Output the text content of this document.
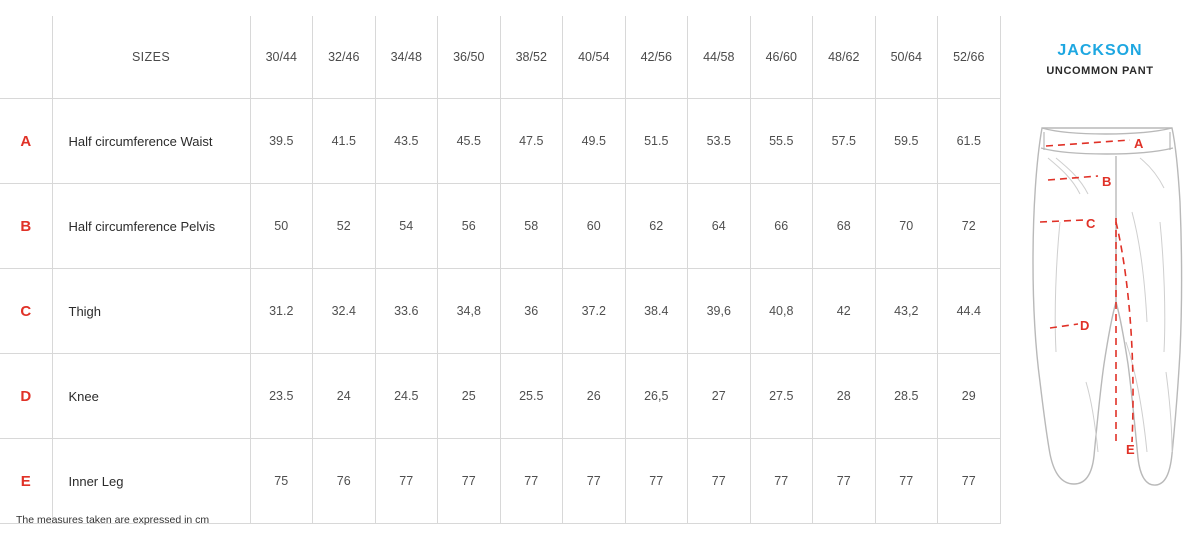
	SIZES	30/44	32/46	34/48	36/50	38/52	40/54	42/56	44/58	46/60	48/62	50/64	52/66
A	Half circumference Waist	39.5	41.5	43.5	45.5	47.5	49.5	51.5	53.5	55.5	57.5	59.5	61.5
B	Half circumference Pelvis	50	52	54	56	58	60	62	64	66	68	70	72
C	Thigh	31.2	32.4	33.6	34,8	36	37.2	38.4	39,6	40,8	42	43,2	44.4
D	Knee	23.5	24	24.5	25	25.5	26	26,5	27	27.5	28	28.5	29
E	Inner Leg	75	76	77	77	77	77	77	77	77	77	77	77
The measures taken are expressed in cm
JACKSON
UNCOMMON PANT
A
B
C
D
E
